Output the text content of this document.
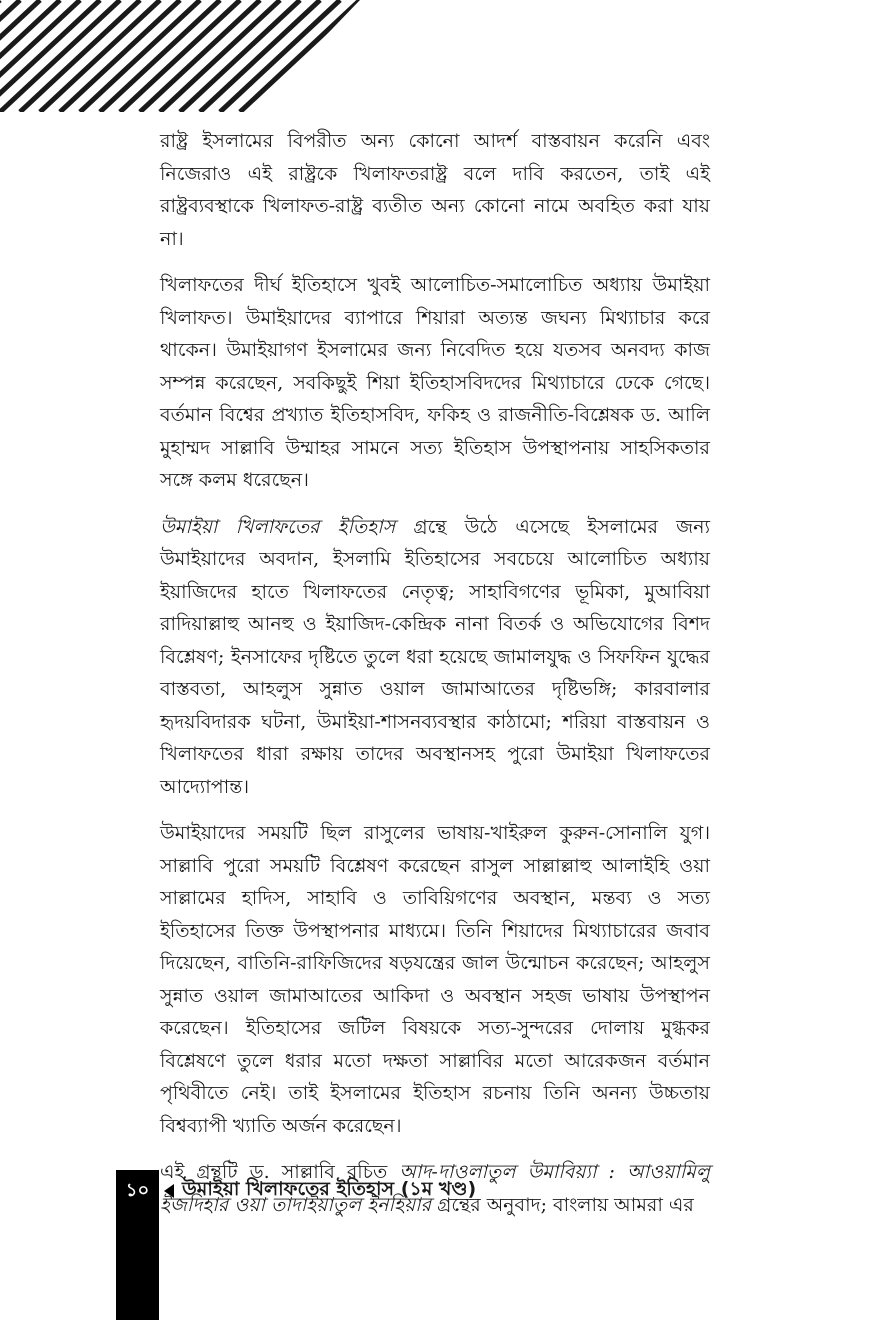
রাষ্ট্র ইসলামের বিপরীত অন্য কোনো আদর্শ বাস্তবায়ন করেনি এবং নিজেরাও এই রাষ্ট্রকে খিলাফতরাষ্ট্র বলে দাবি করতেন, তাই এই রাষ্ট্রব্যবস্থাকে খিলাফত-রাষ্ট্র ব্যতীত অন্য কোনো নামে অবহিত করা যায় না।

খিলাফতের দীর্ঘ ইতিহাসে খুবই আলোচিত-সমালোচিত অধ্যায় উমাইয়া খিলাফত। উমাইয়াদের ব্যাপারে শিয়ারা অত্যন্ত জঘন্য মিথ্যাচার করে থাকেন। উমাইয়াগণ ইসলামের জন্য নিবেদিত হয়ে যতসব অনবদ্য কাজ সম্পন্ন করেছেন, সবকিছুই শিয়া ইতিহাসবিদদের মিথ্যাচারে ঢেকে গেছে। বর্তমান বিশ্বের প্রখ্যাত ইতিহাসবিদ, ফকিহ ও রাজনীতি-বিশ্লেষক ড. আলি মুহাম্মদ সাল্লাবি উম্মাহর সামনে সত্য ইতিহাস উপস্থাপনায় সাহসিকতার সঙ্গে কলম ধরেছেন।

উমাইয়া খিলাফতের ইতিহাস গ্রন্থে উঠে এসেছে ইসলামের জন্য উমাইয়াদের অবদান, ইসলামি ইতিহাসের সবচেয়ে আলোচিত অধ্যায় ইয়াজিদের হাতে খিলাফতের নেতৃত্ব; সাহাবিগণের ভূমিকা, মুআবিয়া রাদিয়াল্লাহু আনহু ও ইয়াজিদ-কেন্দ্রিক নানা বিতর্ক ও অভিযোগের বিশদ বিশ্লেষণ; ইনসাফের দৃষ্টিতে তুলে ধরা হয়েছে জামালযুদ্ধ ও সিফফিন যুদ্ধের বাস্তবতা, আহলুস সুন্নাত ওয়াল জামাআতের দৃষ্টিভঙ্গি; কারবালার হৃদয়বিদারক ঘটনা, উমাইয়া-শাসনব্যবস্থার কাঠামো; শরিয়া বাস্তবায়ন ও খিলাফতের ধারা রক্ষায় তাদের অবস্থানসহ পুরো উমাইয়া খিলাফতের আদ্যোপান্ত।

উমাইয়াদের সময়টি ছিল রাসুলের ভাষায়-খাইরুল কুরুন-সোনালি যুগ। সাল্লাবি পুরো সময়টি বিশ্লেষণ করেছেন রাসুল সাল্লাল্লাহু আলাইহি ওয়া সাল্লামের হাদিস, সাহাবি ও তাবিয়িগণের অবস্থান, মন্তব্য ও সত্য ইতিহাসের তিক্ত উপস্থাপনার মাধ্যমে। তিনি শিয়াদের মিথ্যাচারের জবাব দিয়েছেন, বাতিনি-রাফিজিদের ষড়যন্ত্রের জাল উন্মোচন করেছেন; আহলুস সুন্নাত ওয়াল জামাআতের আকিদা ও অবস্থান সহজ ভাষায় উপস্থাপন করেছেন। ইতিহাসের জটিল বিষয়কে সত্য-সুন্দরের দোলায় মুগ্ধকর বিশ্লেষণে তুলে ধরার মতো দক্ষতা সাল্লাবির মতো আরেকজন বর্তমান পৃথিবীতে নেই। তাই ইসলামের ইতিহাস রচনায় তিনি অনন্য উচ্চতায় বিশ্বব্যাপী খ্যাতি অর্জন করেছেন।

এই গ্রন্থটি ড. সাল্লাবি রচিত আদ-দাওলাতুল উমাবিয়্যা : আওয়ামিলু ইজদিহার ওয়া তাদাইয়াতুল ইনহিয়ার গ্রন্থের অনুবাদ; বাংলায় আমরা এর

১০	উমাইয়া খিলাফতের ইতিহাস (১ম খণ্ড)
